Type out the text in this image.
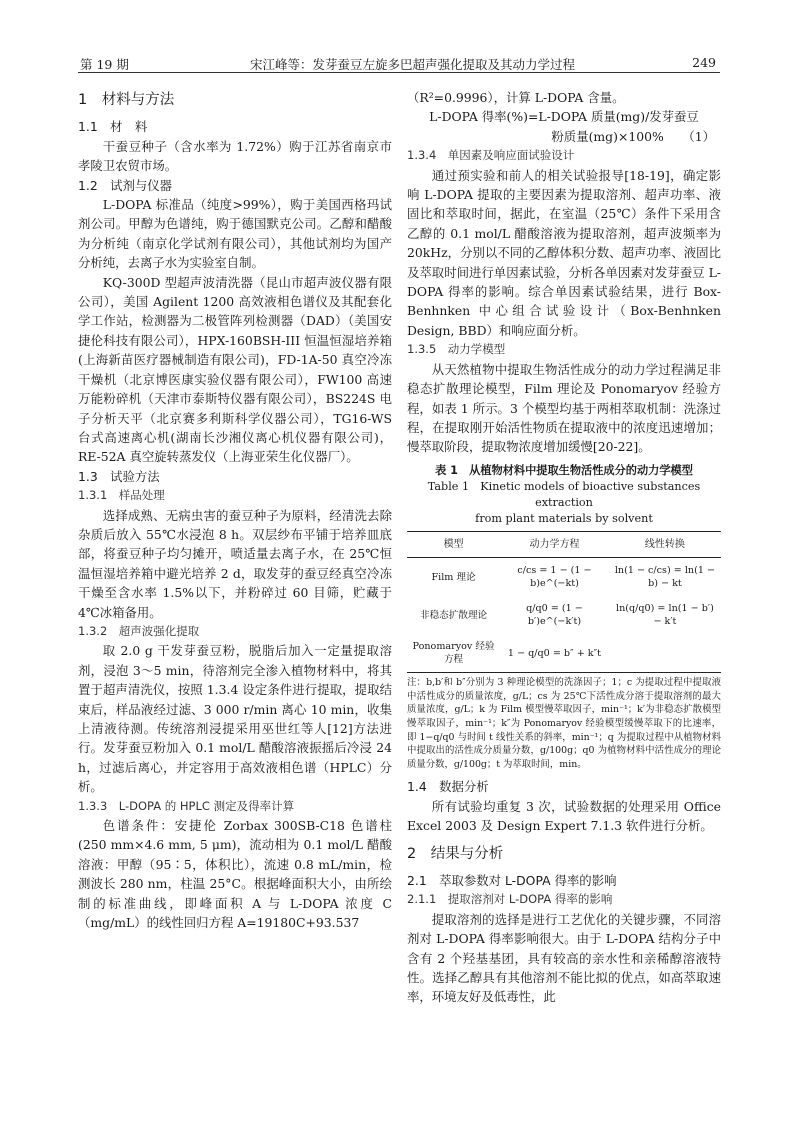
第 19 期	宋江峰等：发芽蚕豆左旋多巴超声强化提取及其动力学过程	249
1　材料与方法
1.1　材　料

干蚕豆种子（含水率为 1.72%）购于江苏省南京市孝陵卫农贸市场。

1.2　试剂与仪器

L-DOPA 标准品（纯度>99%），购于美国西格玛试剂公司。甲醇为色谱纯，购于德国默克公司。乙醇和醋酸为分析纯（南京化学试剂有限公司），其他试剂均为国产分析纯，去离子水为实验室自制。

KQ-300D 型超声波清洗器（昆山市超声波仪器有限公司），美国 Agilent 1200 高效液相色谱仪及其配套化学工作站，检测器为二极管阵列检测器（DAD）（美国安捷伦科技有限公司），HPX-160BSH-III 恒温恒湿培养箱(上海新苗医疗器械制造有限公司)，FD-1A-50 真空冷冻干燥机（北京博医康实验仪器有限公司），FW100 高速万能粉碎机（天津市泰斯特仪器有限公司），BS224S 电子分析天平（北京赛多利斯科学仪器公司），TG16-WS 台式高速离心机(湖南长沙湘仪离心机仪器有限公司)，RE-52A 真空旋转蒸发仪（上海亚荣生化仪器厂）。

1.3　试验方法
1.3.1　样品处理

选择成熟、无病虫害的蚕豆种子为原料，经清洗去除杂质后放入 55℃水浸泡 8 h。双层纱布平铺于培养皿底部，将蚕豆种子均匀摊开，喷适量去离子水，在 25℃恒温恒湿培养箱中避光培养 2 d，取发芽的蚕豆经真空冷冻干燥至含水率 1.5%以下，并粉碎过 60 目筛，贮藏于 4℃冰箱备用。

1.3.2　超声波强化提取

取 2.0 g 干发芽蚕豆粉，脱脂后加入一定量提取溶剂，浸泡 3～5 min，待溶剂完全渗入植物材料中，将其置于超声清洗仪，按照 1.3.4 设定条件进行提取，提取结束后，样品液经过滤、3 000 r/min 离心 10 min，收集上清液待测。传统溶剂浸提采用巫世红等人[12]方法进行。发芽蚕豆粉加入 0.1 mol/L 醋酸溶液振摇后冷浸 24 h，过滤后离心，并定容用于高效液相色谱（HPLC）分析。

1.3.3　L-DOPA 的 HPLC 测定及得率计算

色谱条件：安捷伦 Zorbax 300SB-C18 色谱柱(250 mm×4.6 mm, 5 μm)，流动相为 0.1 mol/L 醋酸溶液：甲醇（95∶5，体积比），流速 0.8 mL/min，检测波长 280 nm，柱温 25°C。根据峰面积大小，由所绘制的标准曲线，即峰面积 A 与 L-DOPA 浓度 C（mg/mL）的线性回归方程 A=19180C+93.537

（R²=0.9996），计算 L-DOPA 含量。

L-DOPA 得率(%)=L-DOPA 质量(mg)/发芽蚕豆

粉质量(mg)×100%　　（1）

1.3.4　单因素及响应面试验设计

通过预实验和前人的相关试验报导[18-19]，确定影响 L-DOPA 提取的主要因素为提取溶剂、超声功率、液固比和萃取时间，据此，在室温（25℃）条件下采用含乙醇的 0.1 mol/L 醋酸溶液为提取溶剂，超声波频率为 20kHz，分别以不同的乙醇体积分数、超声功率、液固比及萃取时间进行单因素试验，分析各单因素对发芽蚕豆 L-DOPA 得率的影响。综合单因素试验结果，进行 Box-Benhnken 中心组合试验设计（Box-Benhnken Design, BBD）和响应面分析。

1.3.5　动力学模型

从天然植物中提取生物活性成分的动力学过程满足非稳态扩散理论模型，Film 理论及 Ponomaryov 经验方程，如表 1 所示。3 个模型均基于两相萃取机制：洗涤过程，在提取刚开始活性物质在提取液中的浓度迅速增加；慢萃取阶段，提取物浓度增加缓慢[20-22]。

表 1　从植物材料中提取生物活性成分的动力学模型
Table 1　Kinetic models of bioactive substances extraction
from plant materials by solvent
模型	动力学方程	线性转换
Film 理论	c/cs = 1 − (1 − b)e^(−kt)	ln(1 − c/cs) = ln(1 − b) − kt
非稳态扩散理论	q/q0 = (1 − b′)e^(−k′t)	ln(q/q0) = ln(1 − b′) − k′t
Ponomaryov 经验方程	1 − q/q0 = b″ + k″t	
注：b,b′和 b″分别为 3 种理论模型的洗涤因子；1；c 为提取过程中提取液中活性成分的质量浓度，g/L；cs 为 25℃下活性成分溶于提取溶剂的最大质量浓度，g/L；k 为 Film 模型慢萃取因子，min⁻¹；k′为非稳态扩散模型慢萃取因子，min⁻¹；k″为 Ponomaryov 经验模型缓慢萃取下的比速率，即 1−q/q0 与时间 t 线性关系的斜率，min⁻¹；q 为提取过程中从植物材料中提取出的活性成分质量分数，g/100g；q0 为植物材料中活性成分的理论质量分数，g/100g；t 为萃取时间，min。
1.4　数据分析

所有试验均重复 3 次，试验数据的处理采用 Office Excel 2003 及 Design Expert 7.1.3 软件进行分析。

2　结果与分析
2.1　萃取参数对 L-DOPA 得率的影响
2.1.1　提取溶剂对 L-DOPA 得率的影响

提取溶剂的选择是进行工艺优化的关键步骤，不同溶剂对 L-DOPA 得率影响很大。由于 L-DOPA 结构分子中含有 2 个羟基基团，具有较高的亲水性和亲稀醇溶液特性。选择乙醇具有其他溶剂不能比拟的优点，如高萃取速率，环境友好及低毒性，此
